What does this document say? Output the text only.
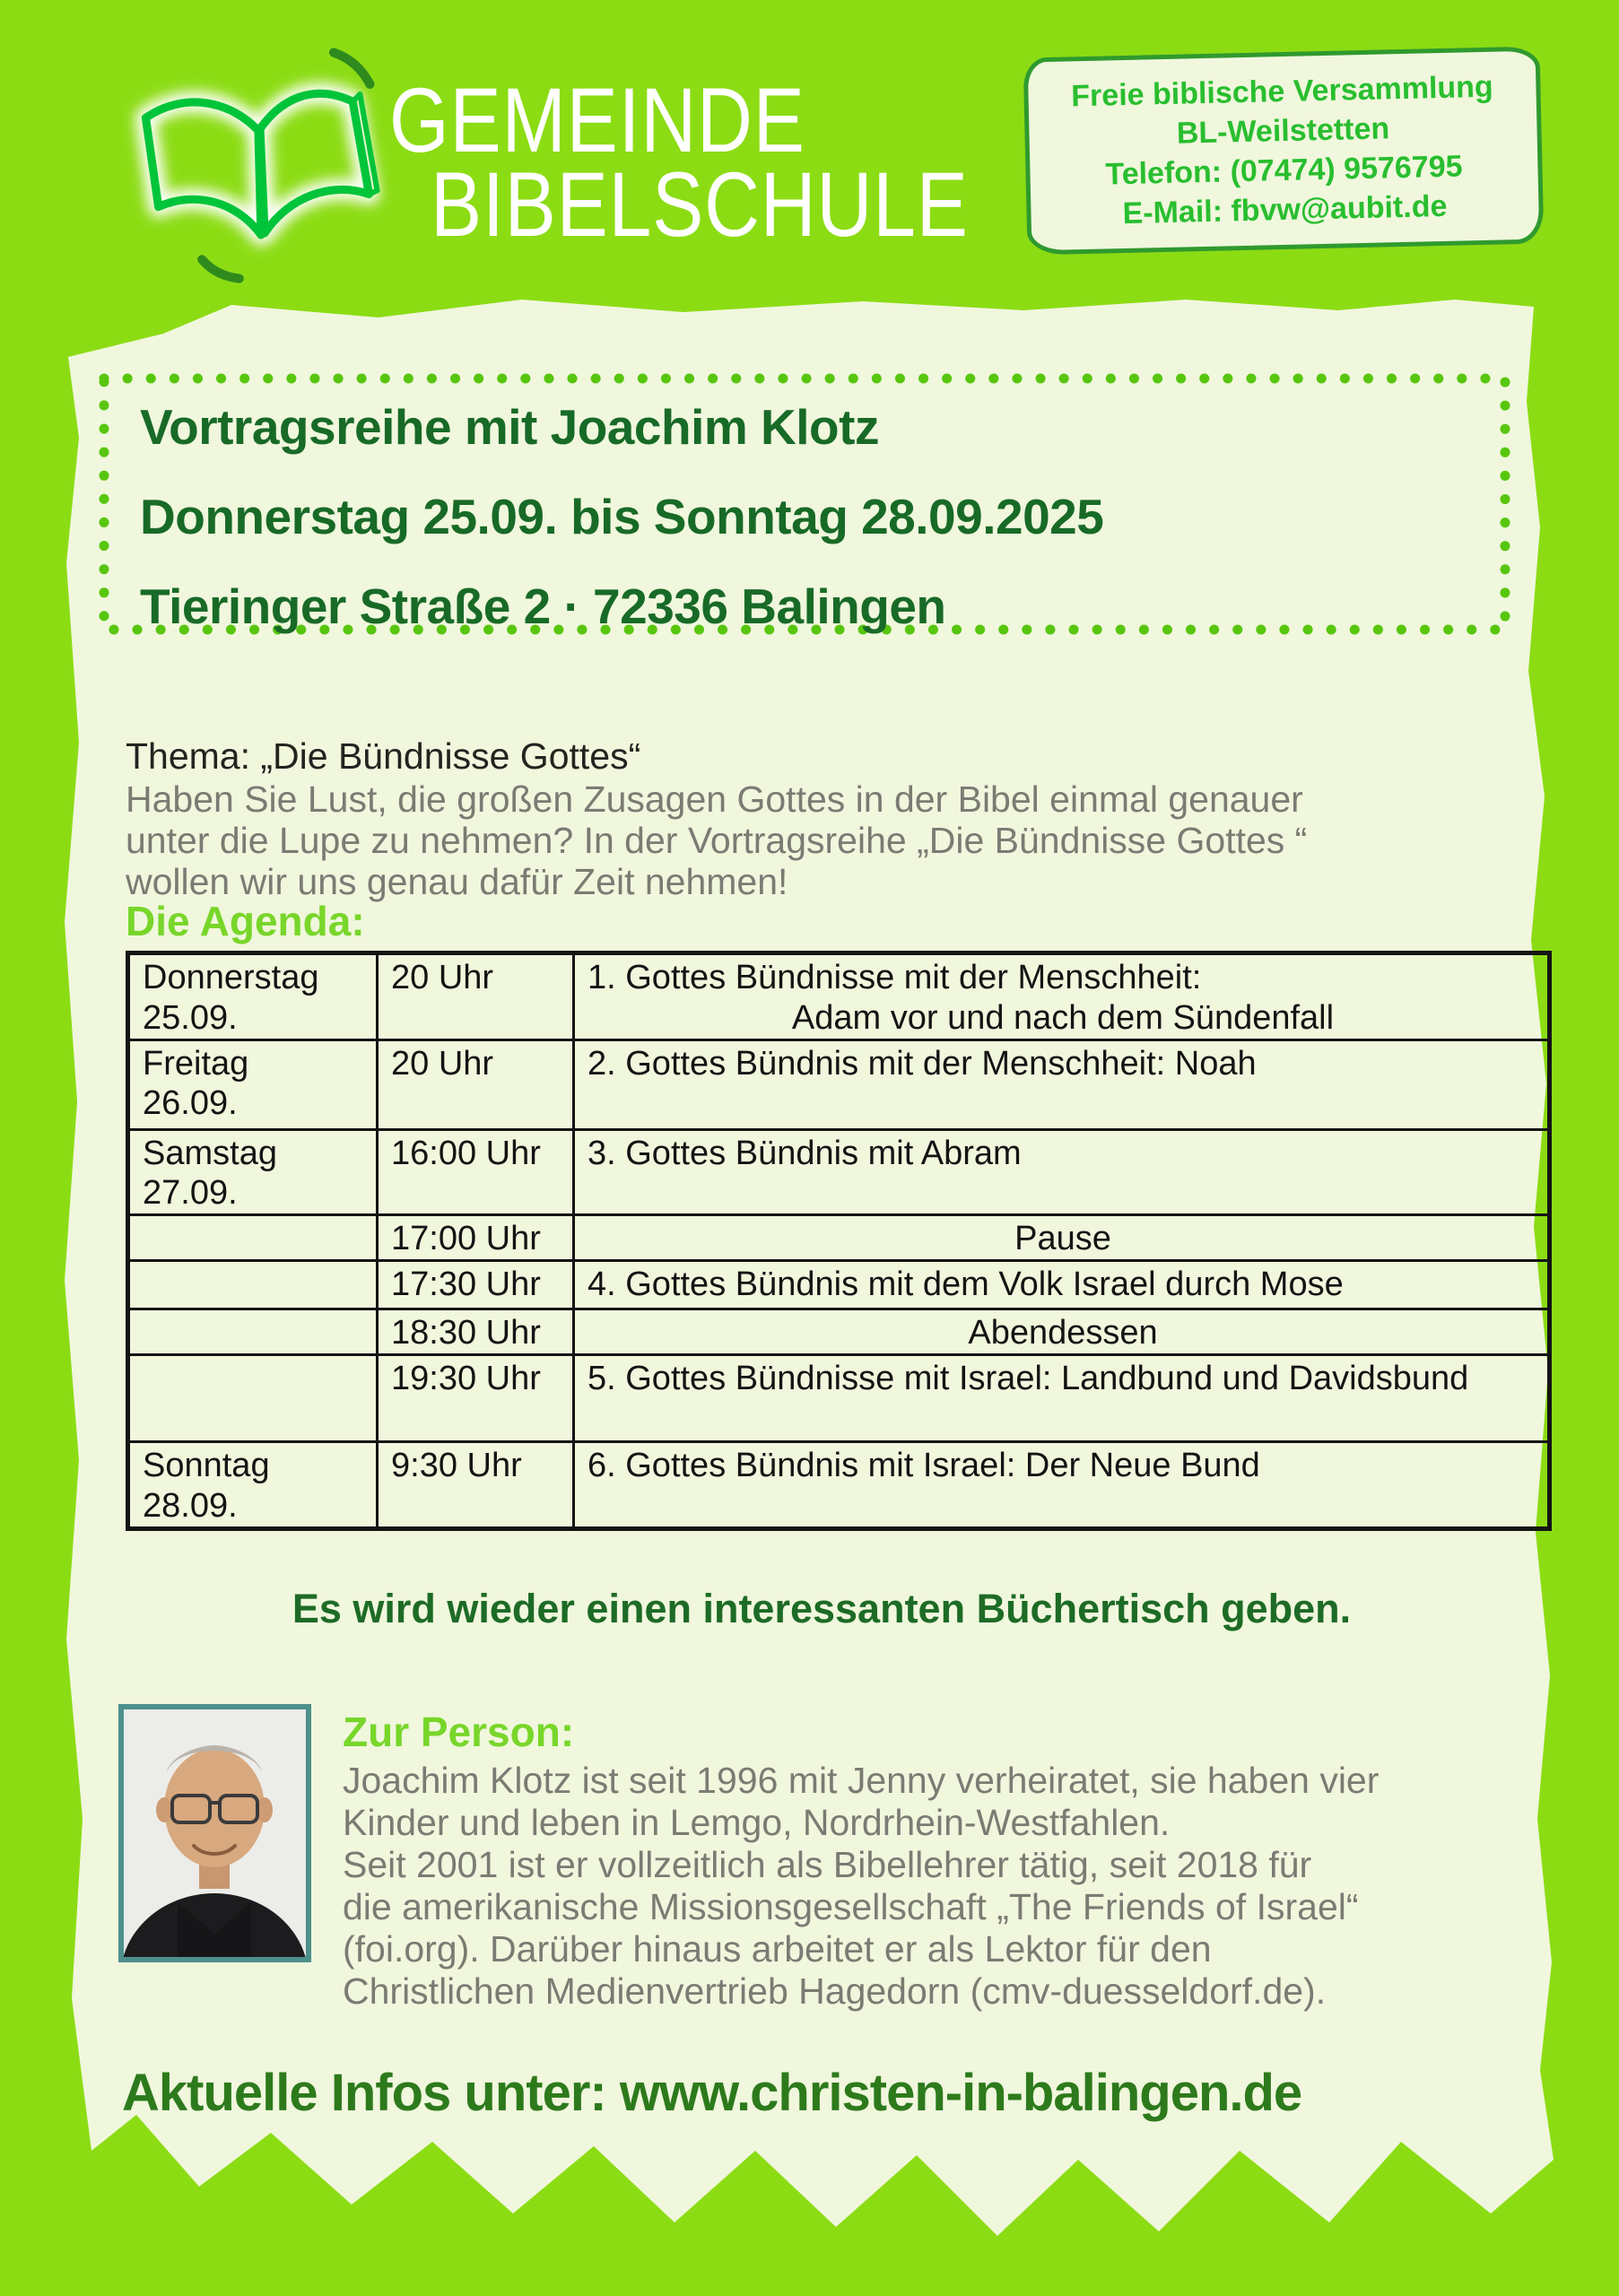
GEMEINDE
BIBELSCHULE
Freie biblische Versammlung
BL-Weilstetten
Telefon: (07474) 9576795
E-Mail: fbvw@aubit.de
Vortragsreihe mit Joachim Klotz
Donnerstag 25.09. bis Sonntag 28.09.2025
Tieringer Straße 2 · 72336 Balingen
Thema: „Die Bündnisse Gottes“
Haben Sie Lust, die großen Zusagen Gottes in der Bibel einmal genauer
unter die Lupe zu nehmen? In der Vortragsreihe „Die Bündnisse Gottes “
wollen wir uns genau dafür Zeit nehmen!
Die Agenda:
Donnerstag
25.09.
	20 Uhr	1. Gottes Bündnisse mit der Menschheit:
Adam vor und nach dem Sündenfall

Freitag
26.09.	20 Uhr	2. Gottes Bündnis mit der Menschheit: Noah

Samstag
27.09.	16:00 Uhr	3. Gottes Bündnis mit Abram
	17:00 Uhr	Pause
	17:30 Uhr	4. Gottes Bündnis mit dem Volk Israel durch Mose
	18:30 Uhr	Abendessen
	19:30 Uhr	5. Gottes Bündnisse mit Israel: Landbund und Davidsbund

Sonntag
28.09.	9:30 Uhr	6. Gottes Bündnis mit Israel: Der Neue Bund
Es wird wieder einen interessanten Büchertisch geben.
Zur Person:
Joachim Klotz ist seit 1996 mit Jenny verheiratet, sie haben vier
Kinder und leben in Lemgo, Nordrhein-Westfahlen.
Seit 2001 ist er vollzeitlich als Bibellehrer tätig, seit 2018 für
die amerikanische Missionsgesellschaft „The Friends of Israel“
(foi.org). Darüber hinaus arbeitet er als Lektor für den
Christlichen Medienvertrieb Hagedorn (cmv-duesseldorf.de).
Aktuelle Infos unter: www.christen-in-balingen.de
